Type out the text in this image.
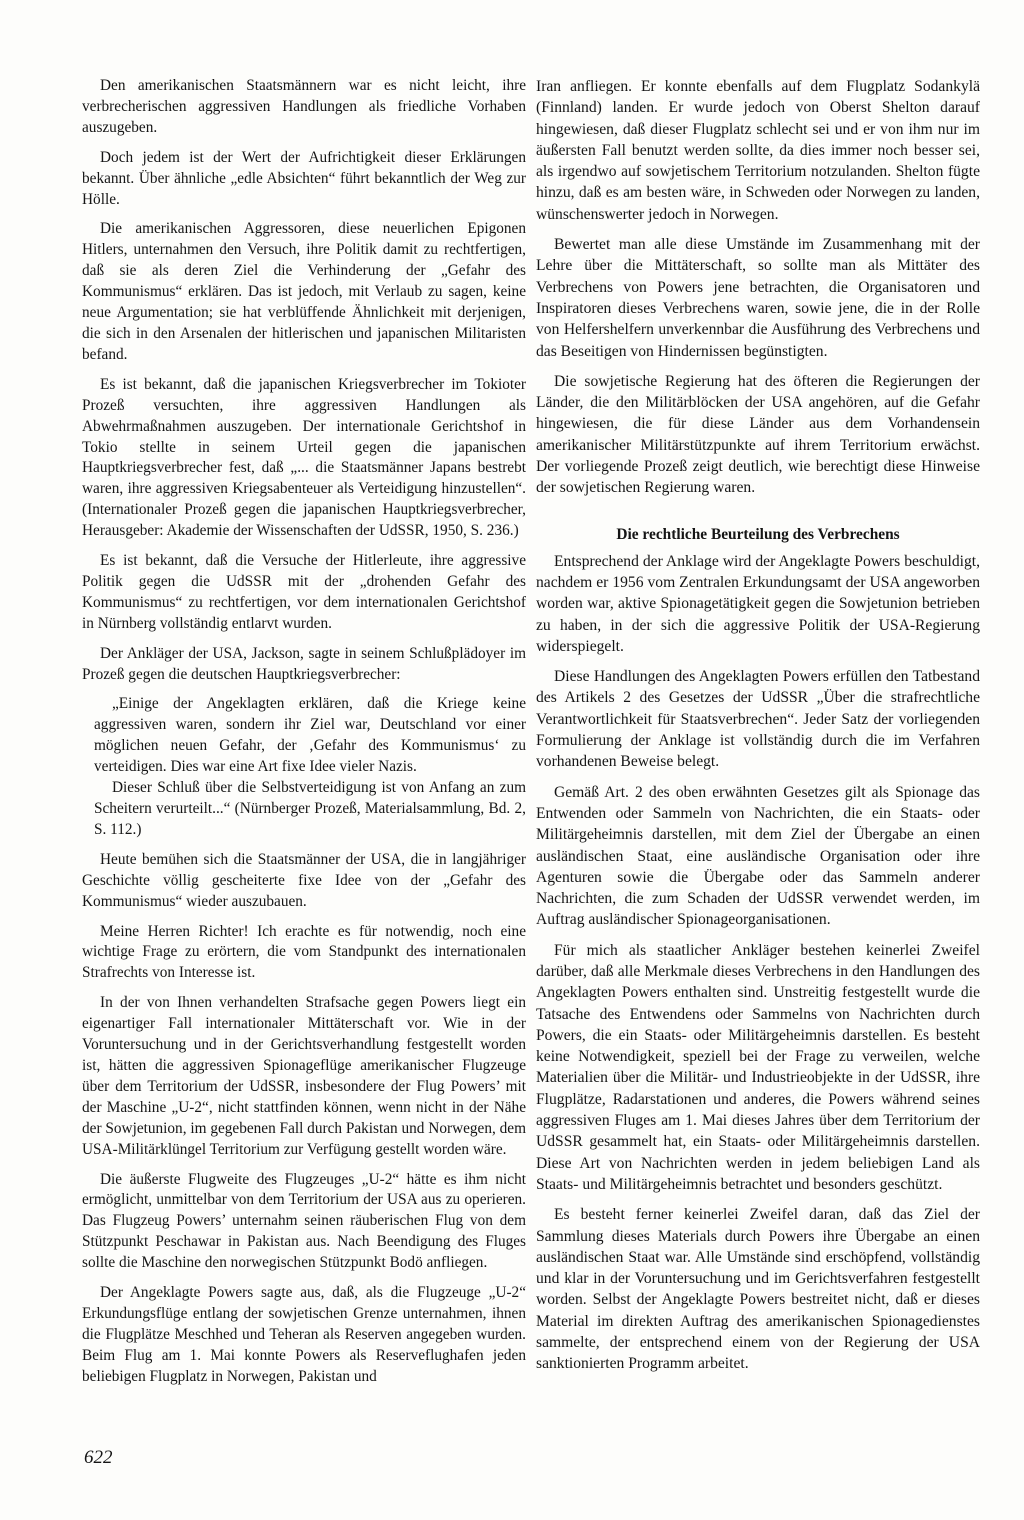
Den amerikanischen Staatsmännern war es nicht leicht, ihre verbrecherischen aggressiven Handlungen als friedliche Vorhaben auszugeben.

Doch jedem ist der Wert der Aufrichtigkeit dieser Erklärungen bekannt. Über ähnliche „edle Absichten“ führt bekanntlich der Weg zur Hölle.

Die amerikanischen Aggressoren, diese neuerlichen Epigonen Hitlers, unternahmen den Versuch, ihre Politik damit zu rechtfertigen, daß sie als deren Ziel die Verhinderung der „Gefahr des Kommunismus“ erklären. Das ist jedoch, mit Verlaub zu sagen, keine neue Argumentation; sie hat verblüffende Ähnlichkeit mit derjenigen, die sich in den Arsenalen der hitlerischen und japanischen Militaristen befand.

Es ist bekannt, daß die japanischen Kriegsverbrecher im Tokioter Prozeß versuchten, ihre aggressiven Handlungen als Abwehrmaßnahmen auszugeben. Der internationale Gerichtshof in Tokio stellte in seinem Urteil gegen die japanischen Hauptkriegsverbrecher fest, daß „... die Staatsmänner Japans bestrebt waren, ihre aggressiven Kriegsabenteuer als Verteidigung hinzustellen“. (Internationaler Prozeß gegen die japanischen Hauptkriegsverbrecher, Herausgeber: Akademie der Wissenschaften der UdSSR, 1950, S. 236.)

Es ist bekannt, daß die Versuche der Hitlerleute, ihre aggressive Politik gegen die UdSSR mit der „drohenden Gefahr des Kommunismus“ zu rechtfertigen, vor dem internationalen Gerichtshof in Nürnberg vollständig entlarvt wurden.

Der Ankläger der USA, Jackson, sagte in seinem Schlußplädoyer im Prozeß gegen die deutschen Hauptkriegsverbrecher:

„Einige der Angeklagten erklären, daß die Kriege keine aggressiven waren, sondern ihr Ziel war, Deutschland vor einer möglichen neuen Gefahr, der ‚Gefahr des Kommunismus‘ zu verteidigen. Dies war eine Art fixe Idee vieler Nazis.

Dieser Schluß über die Selbstverteidigung ist von Anfang an zum Scheitern verurteilt...“ (Nürnberger Prozeß, Materialsammlung, Bd. 2, S. 112.)

Heute bemühen sich die Staatsmänner der USA, die in langjähriger Geschichte völlig gescheiterte fixe Idee von der „Gefahr des Kommunismus“ wieder auszubauen.

Meine Herren Richter! Ich erachte es für notwendig, noch eine wichtige Frage zu erörtern, die vom Standpunkt des internationalen Strafrechts von Interesse ist.

In der von Ihnen verhandelten Strafsache gegen Powers liegt ein eigenartiger Fall internationaler Mittäterschaft vor. Wie in der Voruntersuchung und in der Gerichtsverhandlung festgestellt worden ist, hätten die aggressiven Spionageflüge amerikanischer Flugzeuge über dem Territorium der UdSSR, insbesondere der Flug Powers’ mit der Maschine „U-2“, nicht stattfinden können, wenn nicht in der Nähe der Sowjetunion, im gegebenen Fall durch Pakistan und Norwegen, dem USA-Militärklüngel Territorium zur Verfügung gestellt worden wäre.

Die äußerste Flugweite des Flugzeuges „U-2“ hätte es ihm nicht ermöglicht, unmittelbar von dem Territorium der USA aus zu operieren. Das Flugzeug Powers’ unternahm seinen räuberischen Flug von dem Stützpunkt Peschawar in Pakistan aus. Nach Beendigung des Fluges sollte die Maschine den norwegischen Stützpunkt Bodö anfliegen.

Der Angeklagte Powers sagte aus, daß, als die Flugzeuge „U-2“ Erkundungsflüge entlang der sowjetischen Grenze unternahmen, ihnen die Flugplätze Meschhed und Teheran als Reserven angegeben wurden. Beim Flug am 1. Mai konnte Powers als Reserveflughafen jeden beliebigen Flugplatz in Norwegen, Pakistan und

Iran anfliegen. Er konnte ebenfalls auf dem Flugplatz Sodankylä (Finnland) landen. Er wurde jedoch von Oberst Shelton darauf hingewiesen, daß dieser Flugplatz schlecht sei und er von ihm nur im äußersten Fall benutzt werden sollte, da dies immer noch besser sei, als irgendwo auf sowjetischem Territorium notzulanden. Shelton fügte hinzu, daß es am besten wäre, in Schweden oder Norwegen zu landen, wünschenswerter jedoch in Norwegen.

Bewertet man alle diese Umstände im Zusammenhang mit der Lehre über die Mittäterschaft, so sollte man als Mittäter des Verbrechens von Powers jene betrachten, die Organisatoren und Inspiratoren dieses Verbrechens waren, sowie jene, die in der Rolle von Helfershelfern unverkennbar die Ausführung des Verbrechens und das Beseitigen von Hindernissen begünstigten.

Die sowjetische Regierung hat des öfteren die Regierungen der Länder, die den Militärblöcken der USA angehören, auf die Gefahr hingewiesen, die für diese Länder aus dem Vorhandensein amerikanischer Militärstützpunkte auf ihrem Territorium erwächst. Der vorliegende Prozeß zeigt deutlich, wie berechtigt diese Hinweise der sowjetischen Regierung waren.

Die rechtliche Beurteilung des Verbrechens

Entsprechend der Anklage wird der Angeklagte Powers beschuldigt, nachdem er 1956 vom Zentralen Erkundungsamt der USA angeworben worden war, aktive Spionagetätigkeit gegen die Sowjetunion betrieben zu haben, in der sich die aggressive Politik der USA-Regierung widerspiegelt.

Diese Handlungen des Angeklagten Powers erfüllen den Tatbestand des Artikels 2 des Gesetzes der UdSSR „Über die strafrechtliche Verantwortlichkeit für Staatsverbrechen“. Jeder Satz der vorliegenden Formulierung der Anklage ist vollständig durch die im Verfahren vorhandenen Beweise belegt.

Gemäß Art. 2 des oben erwähnten Gesetzes gilt als Spionage das Entwenden oder Sammeln von Nachrichten, die ein Staats- oder Militärgeheimnis darstellen, mit dem Ziel der Übergabe an einen ausländischen Staat, eine ausländische Organisation oder ihre Agenturen sowie die Übergabe oder das Sammeln anderer Nachrichten, die zum Schaden der UdSSR verwendet werden, im Auftrag ausländischer Spionageorganisationen.

Für mich als staatlicher Ankläger bestehen keinerlei Zweifel darüber, daß alle Merkmale dieses Verbrechens in den Handlungen des Angeklagten Powers enthalten sind. Unstreitig festgestellt wurde die Tatsache des Entwendens oder Sammelns von Nachrichten durch Powers, die ein Staats- oder Militärgeheimnis darstellen. Es besteht keine Notwendigkeit, speziell bei der Frage zu verweilen, welche Materialien über die Militär- und Industrieobjekte in der UdSSR, ihre Flugplätze, Radarstationen und anderes, die Powers während seines aggressiven Fluges am 1. Mai dieses Jahres über dem Territorium der UdSSR gesammelt hat, ein Staats- oder Militärgeheimnis darstellen. Diese Art von Nachrichten werden in jedem beliebigen Land als Staats- und Militärgeheimnis betrachtet und besonders geschützt.

Es besteht ferner keinerlei Zweifel daran, daß das Ziel der Sammlung dieses Materials durch Powers ihre Übergabe an einen ausländischen Staat war. Alle Umstände sind erschöpfend, vollständig und klar in der Voruntersuchung und im Gerichtsverfahren festgestellt worden. Selbst der Angeklagte Powers bestreitet nicht, daß er dieses Material im direkten Auftrag des amerikanischen Spionagedienstes sammelte, der entsprechend einem von der Regierung der USA sanktionierten Programm arbeitet.

622
